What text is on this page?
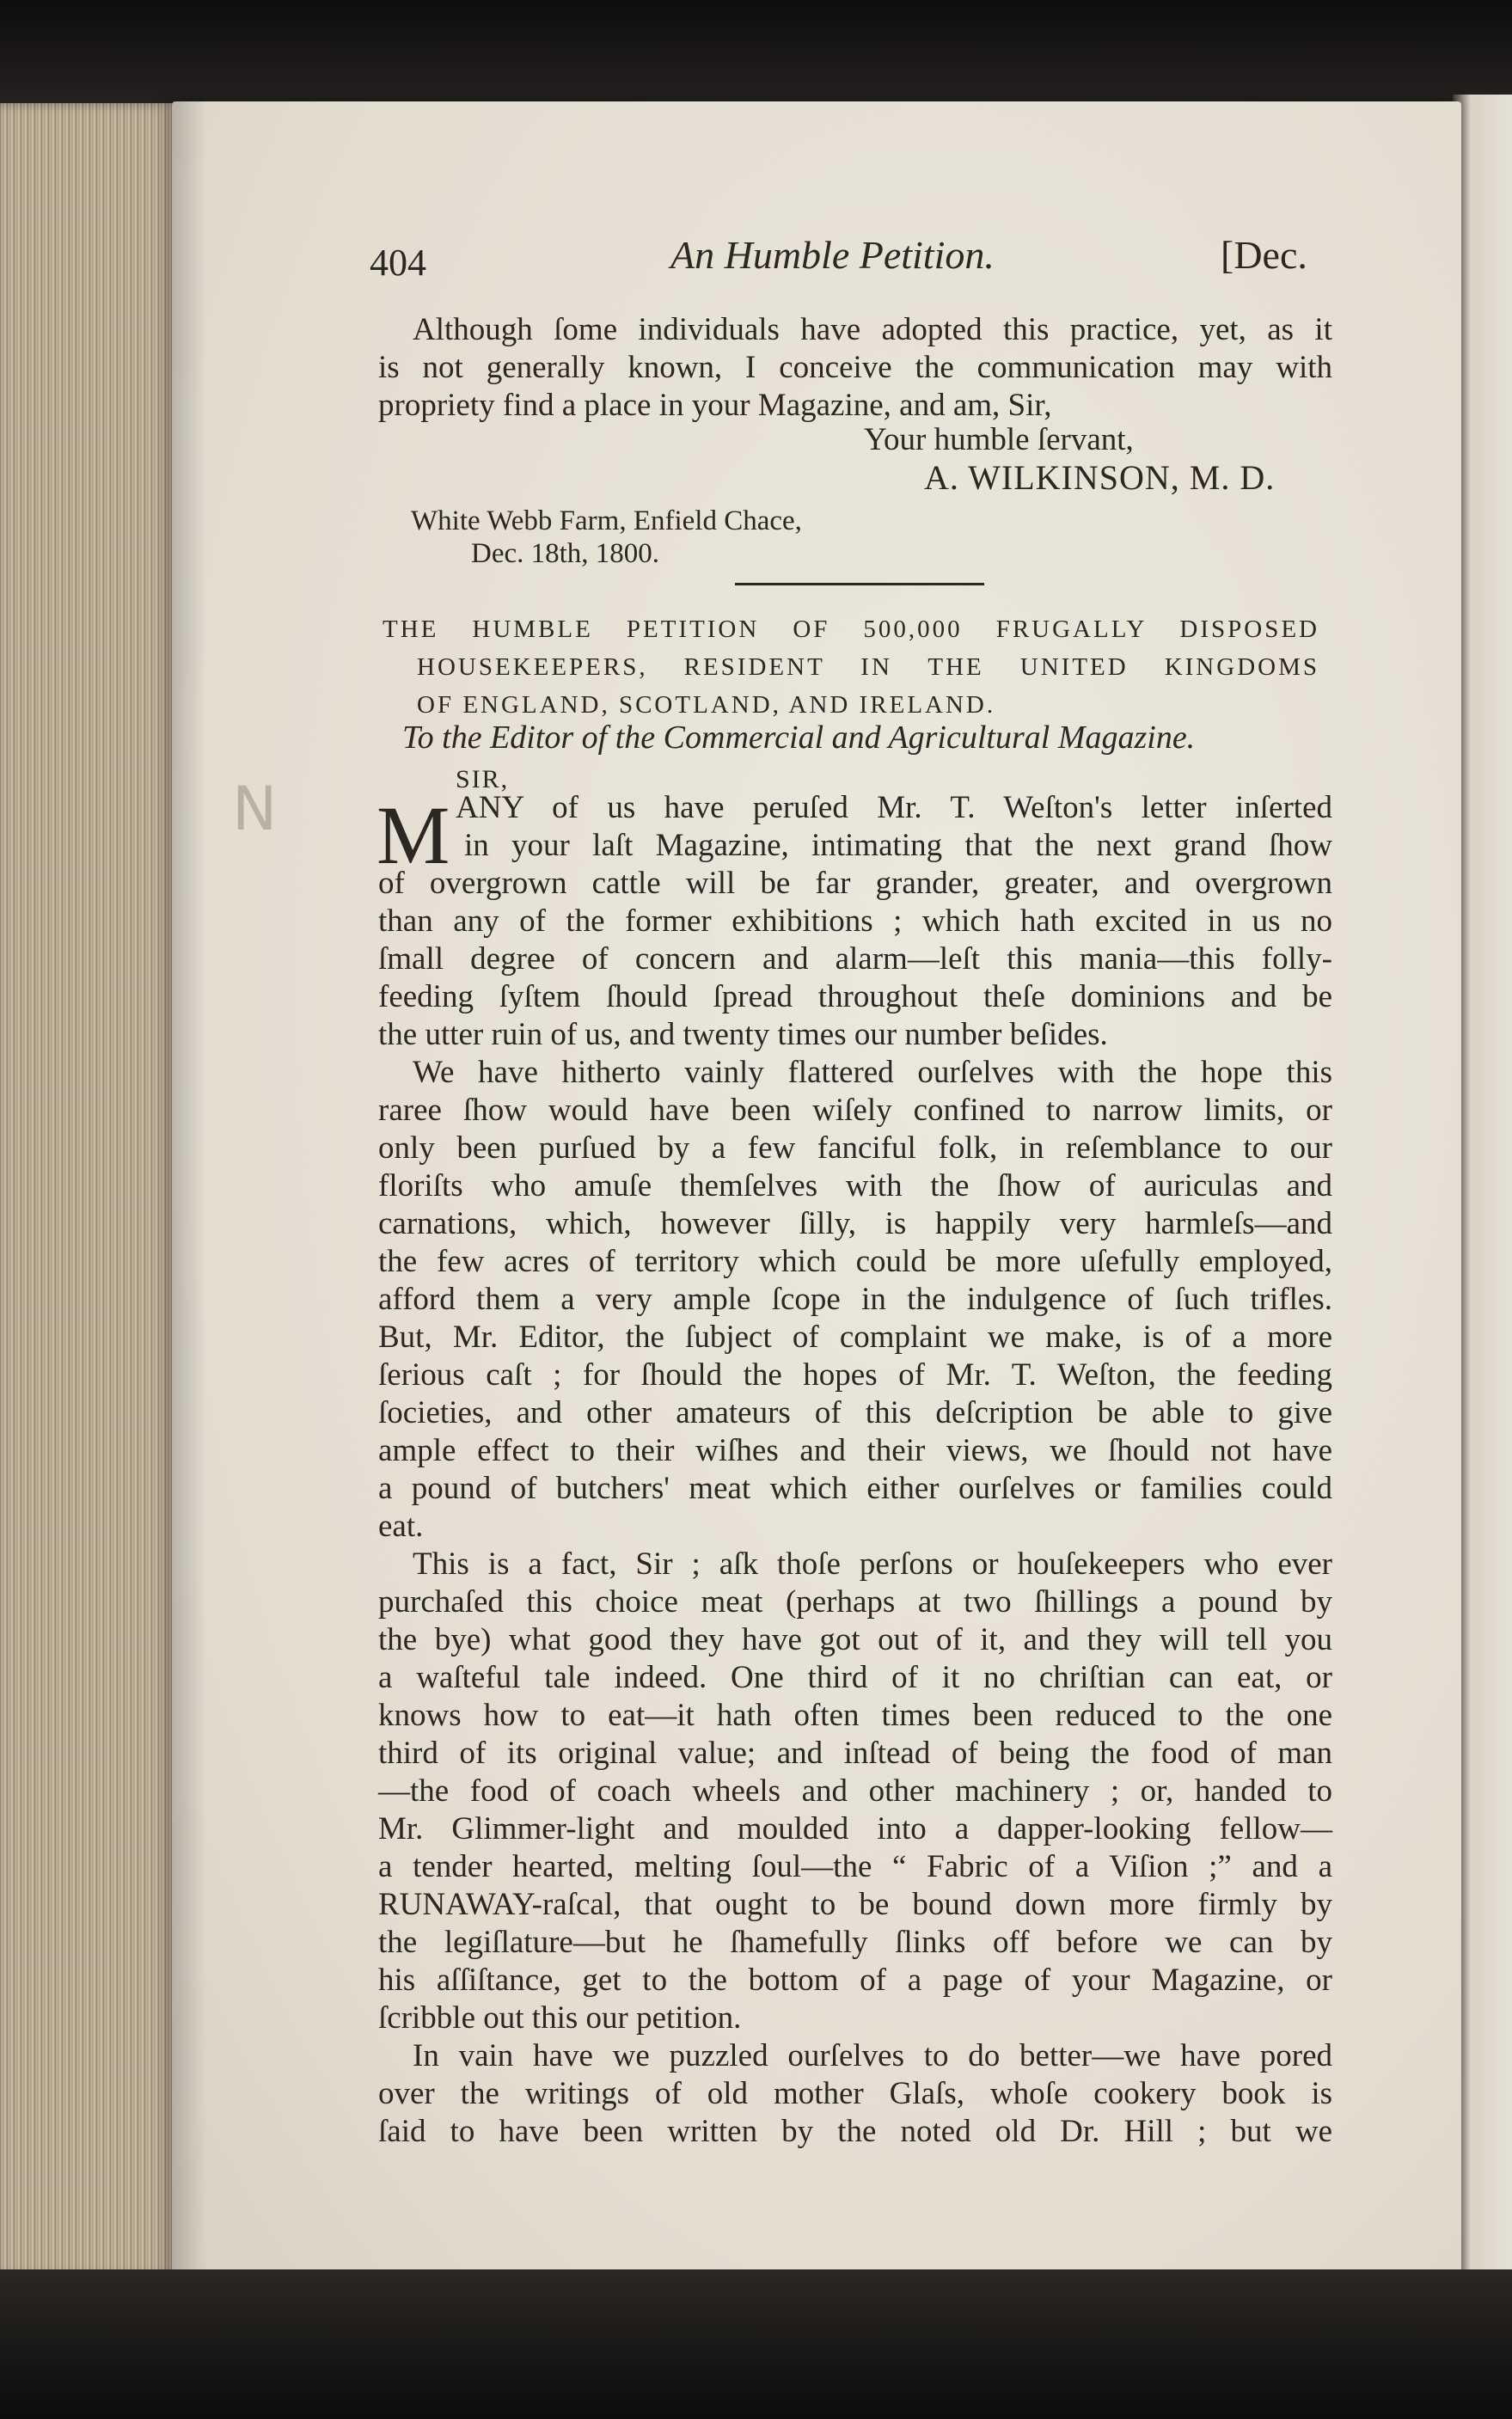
N
404	An Humble Petition.	[Dec.
Although ſome individuals have adopted this practice, yet, as it
is not generally known, I conceive the communication may with
propriety find a place in your Magazine, and am, Sir,
Your humble ſervant,
A. WILKINSON, M. D.
White Webb Farm, Enfield Chace,
Dec. 18th, 1800.
THE HUMBLE PETITION OF 500,000 FRUGALLY DISPOSED
HOUSEKEEPERS, RESIDENT IN THE UNITED KINGDOMS
OF ENGLAND, SCOTLAND, AND IRELAND.
To the Editor of the Commercial and Agricultural Magazine.
SIR,
M ANY of us have peruſed Mr. T. Weſton's letter inſerted
in your laſt Magazine, intimating that the next grand ſhow
of overgrown cattle will be far grander, greater, and overgrown
than any of the former exhibitions ; which hath excited in us no
ſmall degree of concern and alarm—leſt this mania—this folly-
feeding ſyſtem ſhould ſpread throughout theſe dominions and be
the utter ruin of us, and twenty times our number beſides.
We have hitherto vainly flattered ourſelves with the hope this
raree ſhow would have been wiſely confined to narrow limits, or
only been purſued by a few fanciful folk, in reſemblance to our
floriſts who amuſe themſelves with the ſhow of auriculas and
carnations, which, however ſilly, is happily very harmleſs—and
the few acres of territory which could be more uſefully employed,
afford them a very ample ſcope in the indulgence of ſuch trifles.
But, Mr. Editor, the ſubject of complaint we make, is of a more
ſerious caſt ; for ſhould the hopes of Mr. T. Weſton, the feeding
ſocieties, and other amateurs of this deſcription be able to give
ample effect to their wiſhes and their views, we ſhould not have
a pound of butchers' meat which either ourſelves or families could
eat.
This is a fact, Sir ; aſk thoſe perſons or houſekeepers who ever
purchaſed this choice meat (perhaps at two ſhillings a pound by
the bye) what good they have got out of it, and they will tell you
a waſteful tale indeed. One third of it no chriſtian can eat, or
knows how to eat—it hath often times been reduced to the one
third of its original value; and inſtead of being the food of man
—the food of coach wheels and other machinery ; or, handed to
Mr. Glimmer-light and moulded into a dapper-looking fellow—
a tender hearted, melting ſoul—the “ Fabric of a Viſion ;” and a
RUNAWAY-raſcal, that ought to be bound down more firmly by
the legiſlature—but he ſhamefully ſlinks off before we can by
his aſſiſtance, get to the bottom of a page of your Magazine, or
ſcribble out this our petition.
In vain have we puzzled ourſelves to do better—we have pored
over the writings of old mother Glaſs, whoſe cookery book is
ſaid to have been written by the noted old Dr. Hill ; but we
